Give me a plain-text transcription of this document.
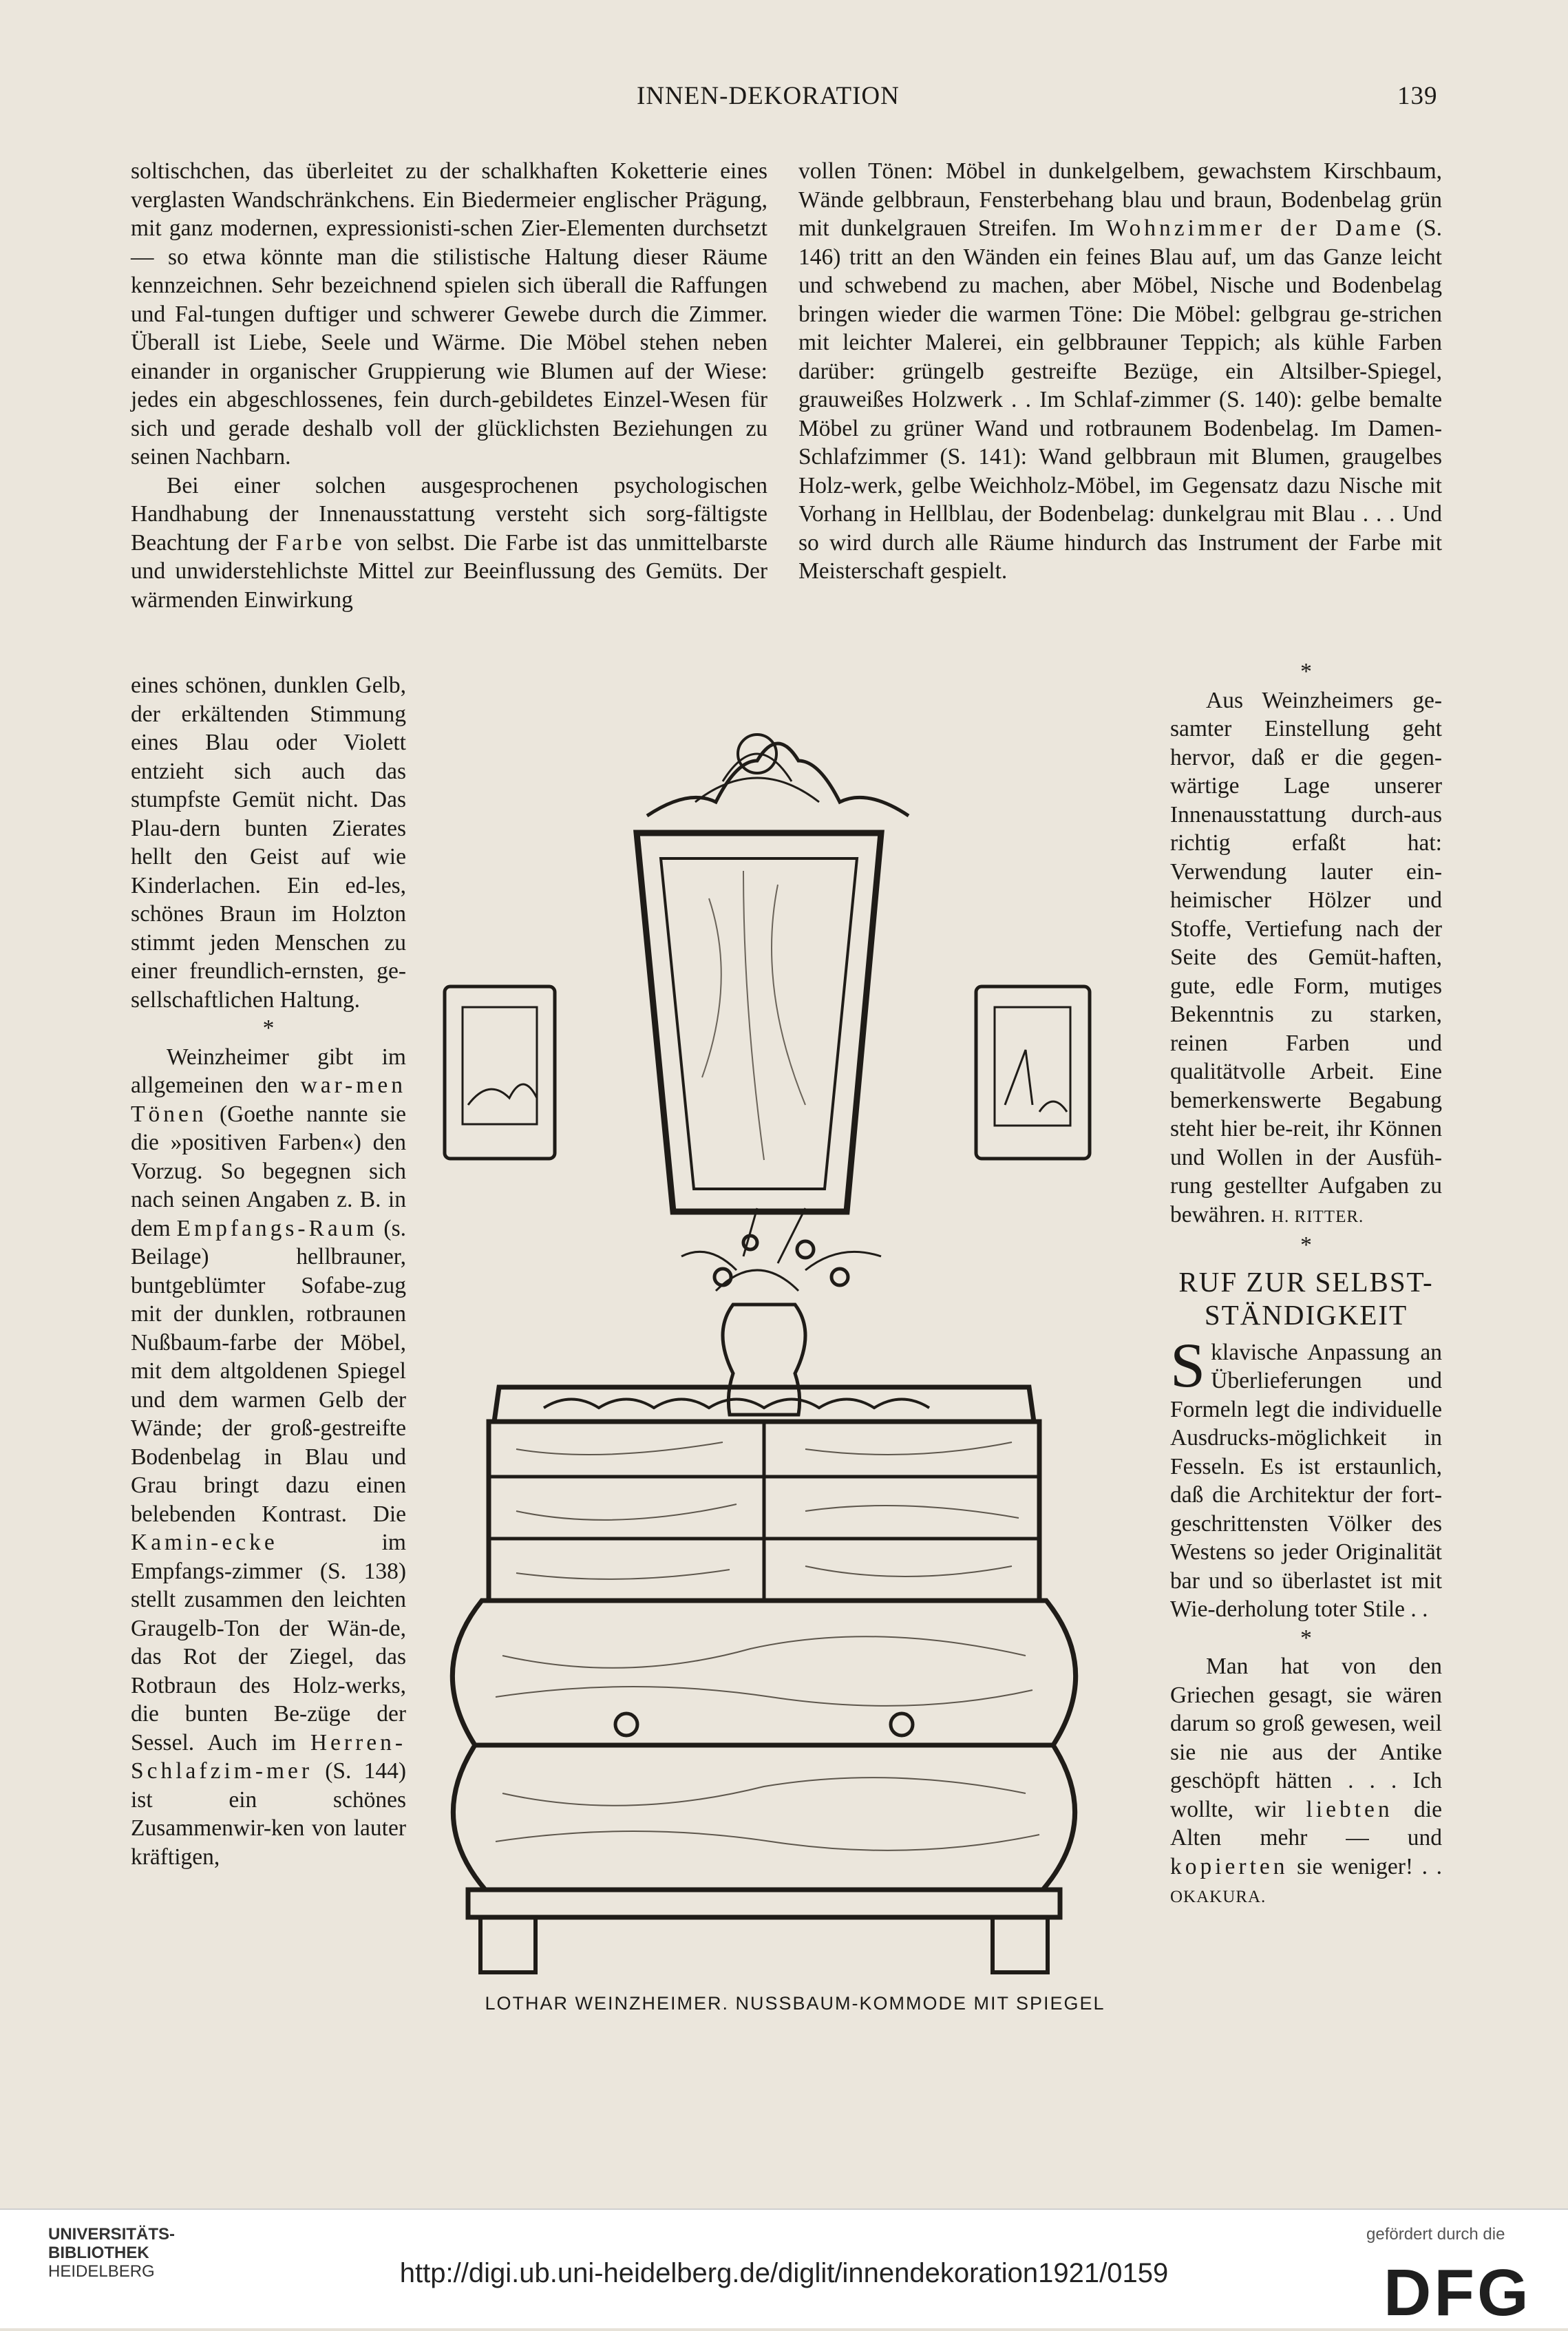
INNEN-DEKORATION	139

soltischchen, das überleitet zu der schalkhaften Koketterie eines verglasten Wandschränkchens. Ein Biedermeier englischer Prägung, mit ganz modernen, expressionisti-schen Zier-Elementen durchsetzt — so etwa könnte man die stilistische Haltung dieser Räume kennzeichnen. Sehr bezeichnend spielen sich überall die Raffungen und Fal-tungen duftiger und schwerer Gewebe durch die Zimmer. Überall ist Liebe, Seele und Wärme. Die Möbel stehen neben einander in organischer Gruppierung wie Blumen auf der Wiese: jedes ein abgeschlossenes, fein durch-gebildetes Einzel-Wesen für sich und gerade deshalb voll der glücklichsten Beziehungen zu seinen Nachbarn.

Bei einer solchen ausgesprochenen psychologischen Handhabung der Innenausstattung versteht sich sorg-fältigste Beachtung der Farbe von selbst. Die Farbe ist das unmittelbarste und unwiderstehlichste Mittel zur Beeinflussung des Gemüts. Der wärmenden Einwirkung

eines schönen, dunklen Gelb, der erkältenden Stimmung eines Blau oder Violett entzieht sich auch das stumpfste Gemüt nicht. Das Plau-dern bunten Zierates hellt den Geist auf wie Kinderlachen. Ein ed-les, schönes Braun im Holzton stimmt jeden Menschen zu einer freundlich-ernsten, ge-sellschaftlichen Haltung.

*

Weinzheimer gibt im allgemeinen den war-men Tönen (Goethe nannte sie die »positiven Farben«) den Vorzug. So begegnen sich nach seinen Angaben z. B. in dem Empfangs-Raum (s. Beilage) hellbrauner, buntgeblümter Sofabe-zug mit der dunklen, rotbraunen Nußbaum-farbe der Möbel, mit dem altgoldenen Spiegel und dem warmen Gelb der Wände; der groß-gestreifte Bodenbelag in Blau und Grau bringt dazu einen belebenden Kontrast. Die Kamin-ecke	im Empfangs-zimmer (S. 138) stellt zusammen den leichten Graugelb-Ton der Wän-de, das Rot der Ziegel, das Rotbraun des Holz-werks, die bunten Be-züge der Sessel. Auch im Herren-Schlafzim-mer (S. 144) ist ein schönes Zusammenwir-ken von lauter kräftigen,

vollen Tönen: Möbel in dunkelgelbem, gewachstem Kirschbaum, Wände gelbbraun, Fensterbehang blau und braun, Bodenbelag grün mit dunkelgrauen Streifen. Im Wohnzimmer der Dame (S. 146) tritt an den Wänden ein feines Blau auf, um das Ganze leicht und schwebend zu machen, aber Möbel, Nische und Bodenbelag bringen wieder die warmen Töne: Die Möbel: gelbgrau ge-strichen mit leichter Malerei, ein gelbbrauner Teppich; als kühle Farben darüber: grüngelb gestreifte Bezüge, ein Altsilber-Spiegel, grauweißes Holzwerk . . Im Schlaf-zimmer (S. 140): gelbe bemalte Möbel zu grüner Wand und rotbraunem Bodenbelag. Im Damen-Schlafzimmer (S. 141): Wand gelbbraun mit Blumen, graugelbes Holz-werk, gelbe Weichholz-Möbel, im Gegensatz dazu Nische mit Vorhang in Hellblau, der Bodenbelag: dunkelgrau mit Blau . . . Und so wird durch alle Räume hindurch das Instrument der Farbe mit Meisterschaft gespielt.

*

Aus Weinzheimers ge-samter Einstellung geht hervor, daß er die gegen-wärtige Lage unserer Innenausstattung durch-aus richtig erfaßt hat: Verwendung lauter ein-heimischer Hölzer und Stoffe, Vertiefung nach der Seite des Gemüt-haften, gute, edle Form, mutiges Bekenntnis zu starken, reinen Farben und qualitätvolle Arbeit. Eine bemerkenswerte Begabung steht hier be-reit, ihr Können und Wollen in der Ausfüh-rung gestellter Aufgaben zu bewähren. H. RITTER.

*

RUF ZUR SELBST-STÄNDIGKEIT

Sklavische Anpassung an Überlieferungen und Formeln legt die individuelle Ausdrucks-möglichkeit in Fesseln. Es ist erstaunlich, daß die Architektur der fort-geschrittensten Völker des Westens so jeder Originalität bar und so überlastet ist mit Wie-derholung toter Stile . .

*

Man hat von den Griechen gesagt, sie wären darum so groß gewesen, weil sie nie aus der Antike geschöpft hätten . . . Ich wollte, wir liebten die Alten mehr — und kopierten sie weniger! . . OKAKURA.

LOTHAR WEINZHEIMER. NUSSBAUM-KOMMODE MIT SPIEGEL
UNIVERSITÄTS-
BIBLIOTHEK
HEIDELBERG	http://digi.ub.uni-heidelberg.de/diglit/innendekoration1921/0159
gefördert durch die
DFG
